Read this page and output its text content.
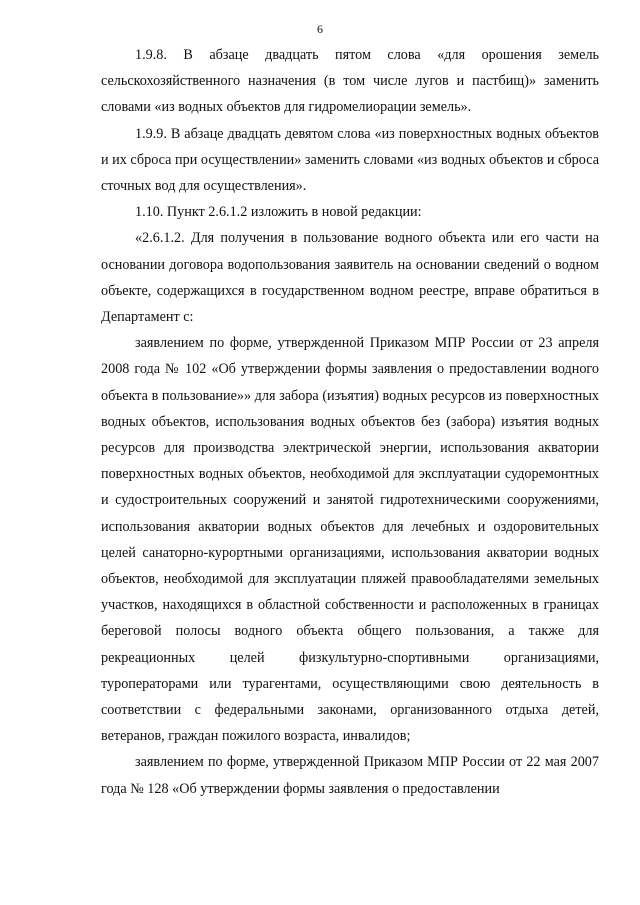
6

1.9.8. В абзаце двадцать пятом слова «для орошения земель сельскохозяйственного назначения (в том числе лугов и пастбищ)» заменить словами «из водных объектов для гидромелиорации земель».

1.9.9. В абзаце двадцать девятом слова «из поверхностных водных объектов и их сброса при осуществлении» заменить словами «из водных объектов и сброса сточных вод для осуществления».

1.10. Пункт 2.6.1.2 изложить в новой редакции:

«2.6.1.2. Для получения в пользование водного объекта или его части на основании договора водопользования заявитель на основании сведений о водном объекте, содержащихся в государственном водном реестре, вправе обратиться в Департамент с:

заявлением по форме, утвержденной Приказом МПР России от 23 апреля 2008 года № 102 «Об утверждении формы заявления о предоставлении водного объекта в пользование»» для забора (изъятия) водных ресурсов из поверхностных водных объектов, использования водных объектов без (забора) изъятия водных ресурсов для производства электрической энергии, использования акватории поверхностных водных объектов, необходимой для эксплуатации судоремонтных и судостроительных сооружений и занятой гидротехническими сооружениями, использования акватории водных объектов для лечебных и оздоровительных целей санаторно-курортными организациями, использования акватории водных объектов, необходимой для эксплуатации пляжей правообладателями земельных участков, находящихся в областной собственности и расположенных в границах береговой полосы водного объекта общего пользования, а также для рекреационных целей физкультурно-спортивными организациями, туроператорами или турагентами, осуществляющими свою деятельность в соответствии с федеральными законами, организованного отдыха детей, ветеранов, граждан пожилого возраста, инвалидов;

заявлением по форме, утвержденной Приказом МПР России от 22 мая 2007 года № 128 «Об утверждении формы заявления о предоставлении
